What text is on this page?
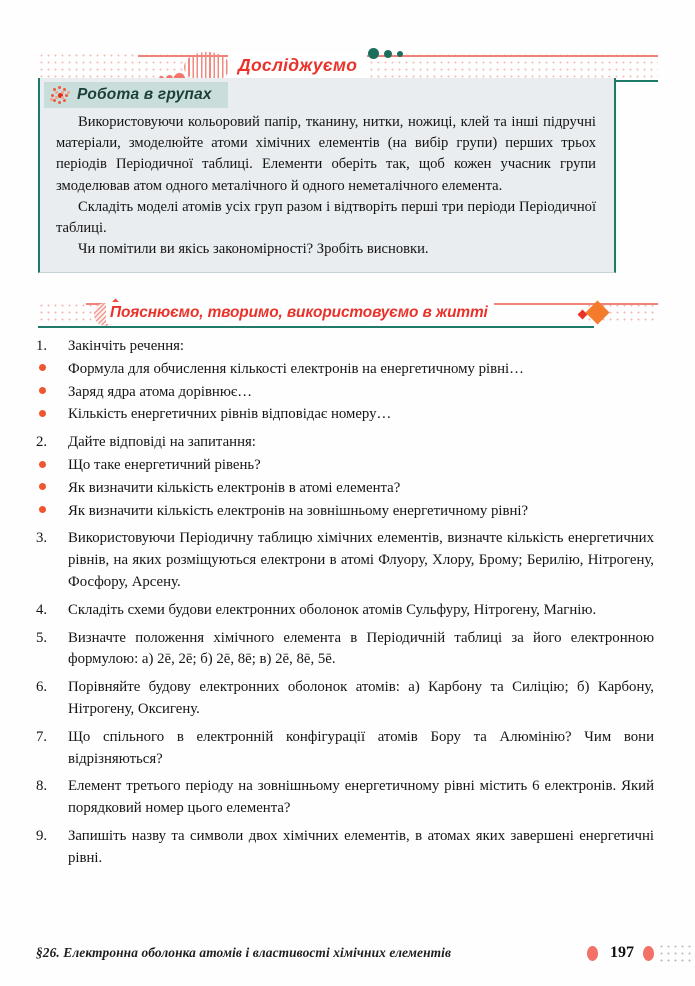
Досліджуємо
Робота в групах

Використовуючи кольоровий папір, тканину, нитки, ножиці, клей та інші підручні матеріали, змоделюйте атоми хімічних елементів (на вибір групи) перших трьох періодів Періодичної таблиці. Елементи оберіть так, щоб кожен учасник групи змоделював атом одного металічного й одного неметалічного елемента.

Складіть моделі атомів усіх груп разом і відтворіть перші три періоди Періодичної таблиці.

Чи помітили ви якісь закономірності? Зробіть висновки.

Пояснюємо, творимо, використовуємо в житті
1.	Закінчіть речення:
Формула для обчислення кількості електронів на енергетичному рівні…
Заряд ядра атома дорівнює…
Кількість енергетичних рівнів відповідає номеру…
2.	Дайте відповіді на запитання:
Що таке енергетичний рівень?
Як визначити кількість електронів в атомі елемента?
Як визначити кількість електронів на зовнішньому енергетичному рівні?
3.	Використовуючи Періодичну таблицю хімічних елементів, визначте кількість енергетичних рівнів, на яких розміщуються електрони в атомі Флуору, Хлору, Брому; Берилію, Нітрогену, Фосфору, Арсену.
4.	Складіть схеми будови електронних оболонок атомів Сульфуру, Нітрогену, Магнію.
5.	Визначте положення хімічного елемента в Періодичній таблиці за його електронною формулою: а) 2ē, 2ē; б) 2ē, 8ē; в) 2ē, 8ē, 5ē.
6.	Порівняйте будову електронних оболонок атомів: а) Карбону та Силіцію; б) Карбону, Нітрогену, Оксигену.
7.	Що спільного в електронній конфігурації атомів Бору та Алюмінію? Чим вони відрізняються?
8.	Елемент третього періоду на зовнішньому енергетичному рівні містить 6 електронів. Який порядковий номер цього елемента?
9.	Запишіть назву та символи двох хімічних елементів, в атомах яких завершені енергетичні рівні.
§26. Електронна оболонка атомів і властивості хімічних елементів	197
